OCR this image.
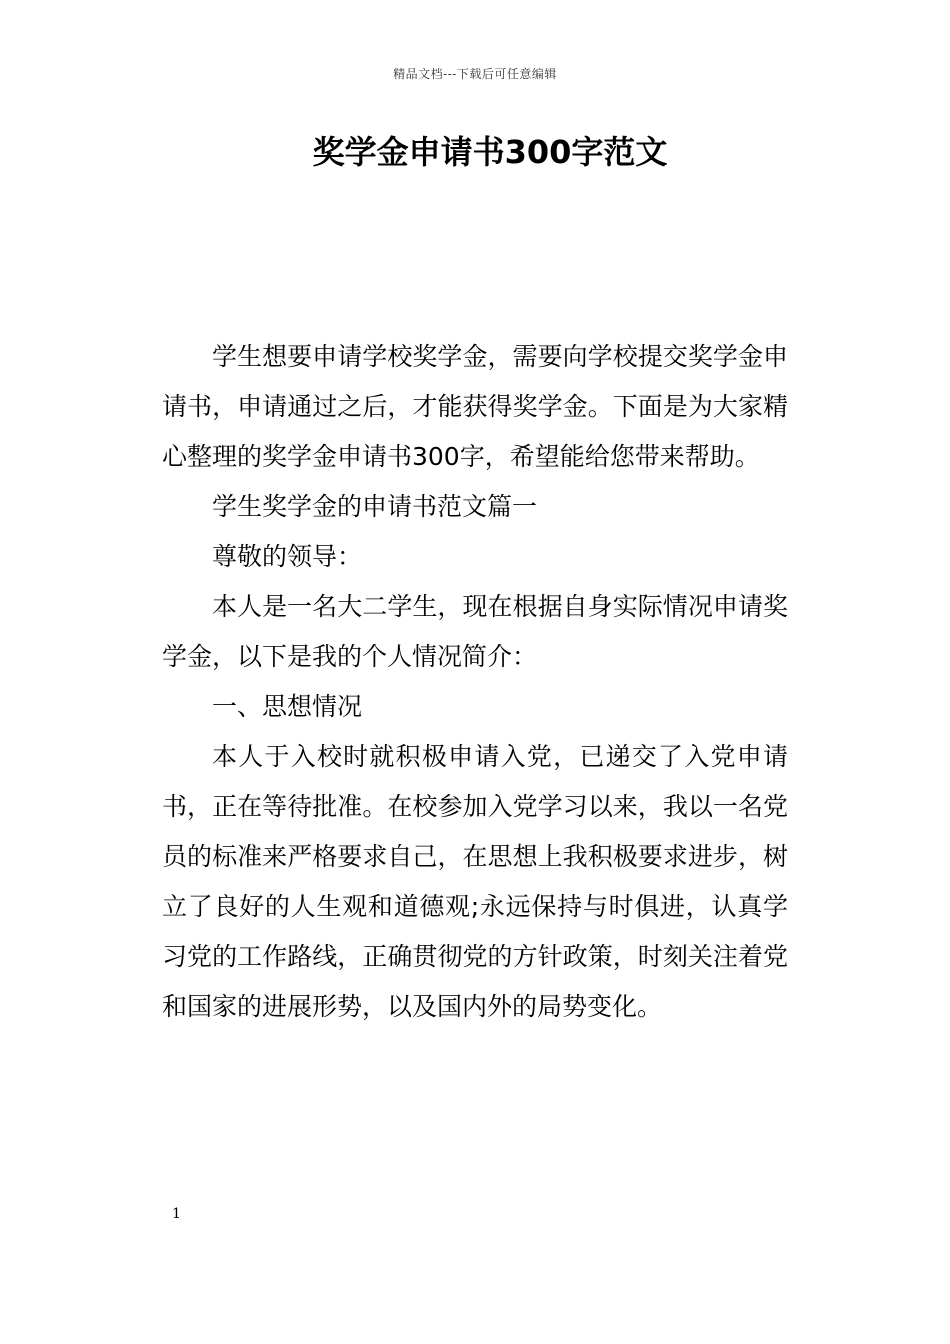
精品文档---下载后可任意编辑
奖学金申请书300字范文

学生想要申请学校奖学金，需要向学校提交奖学金申请书，申请通过之后，才能获得奖学金。下面是为大家精心整理的奖学金申请书300字，希望能给您带来帮助。

学生奖学金的申请书范文篇一

尊敬的领导：

本人是一名大二学生，现在根据自身实际情况申请奖学金，以下是我的个人情况简介：

一、思想情况

本人于入校时就积极申请入党，已递交了入党申请书，正在等待批准。在校参加入党学习以来，我以一名党员的标准来严格要求自己，在思想上我积极要求进步，树立了良好的人生观和道德观;永远保持与时俱进，认真学习党的工作路线，正确贯彻党的方针政策，时刻关注着党和国家的进展形势，以及国内外的局势变化。

1
